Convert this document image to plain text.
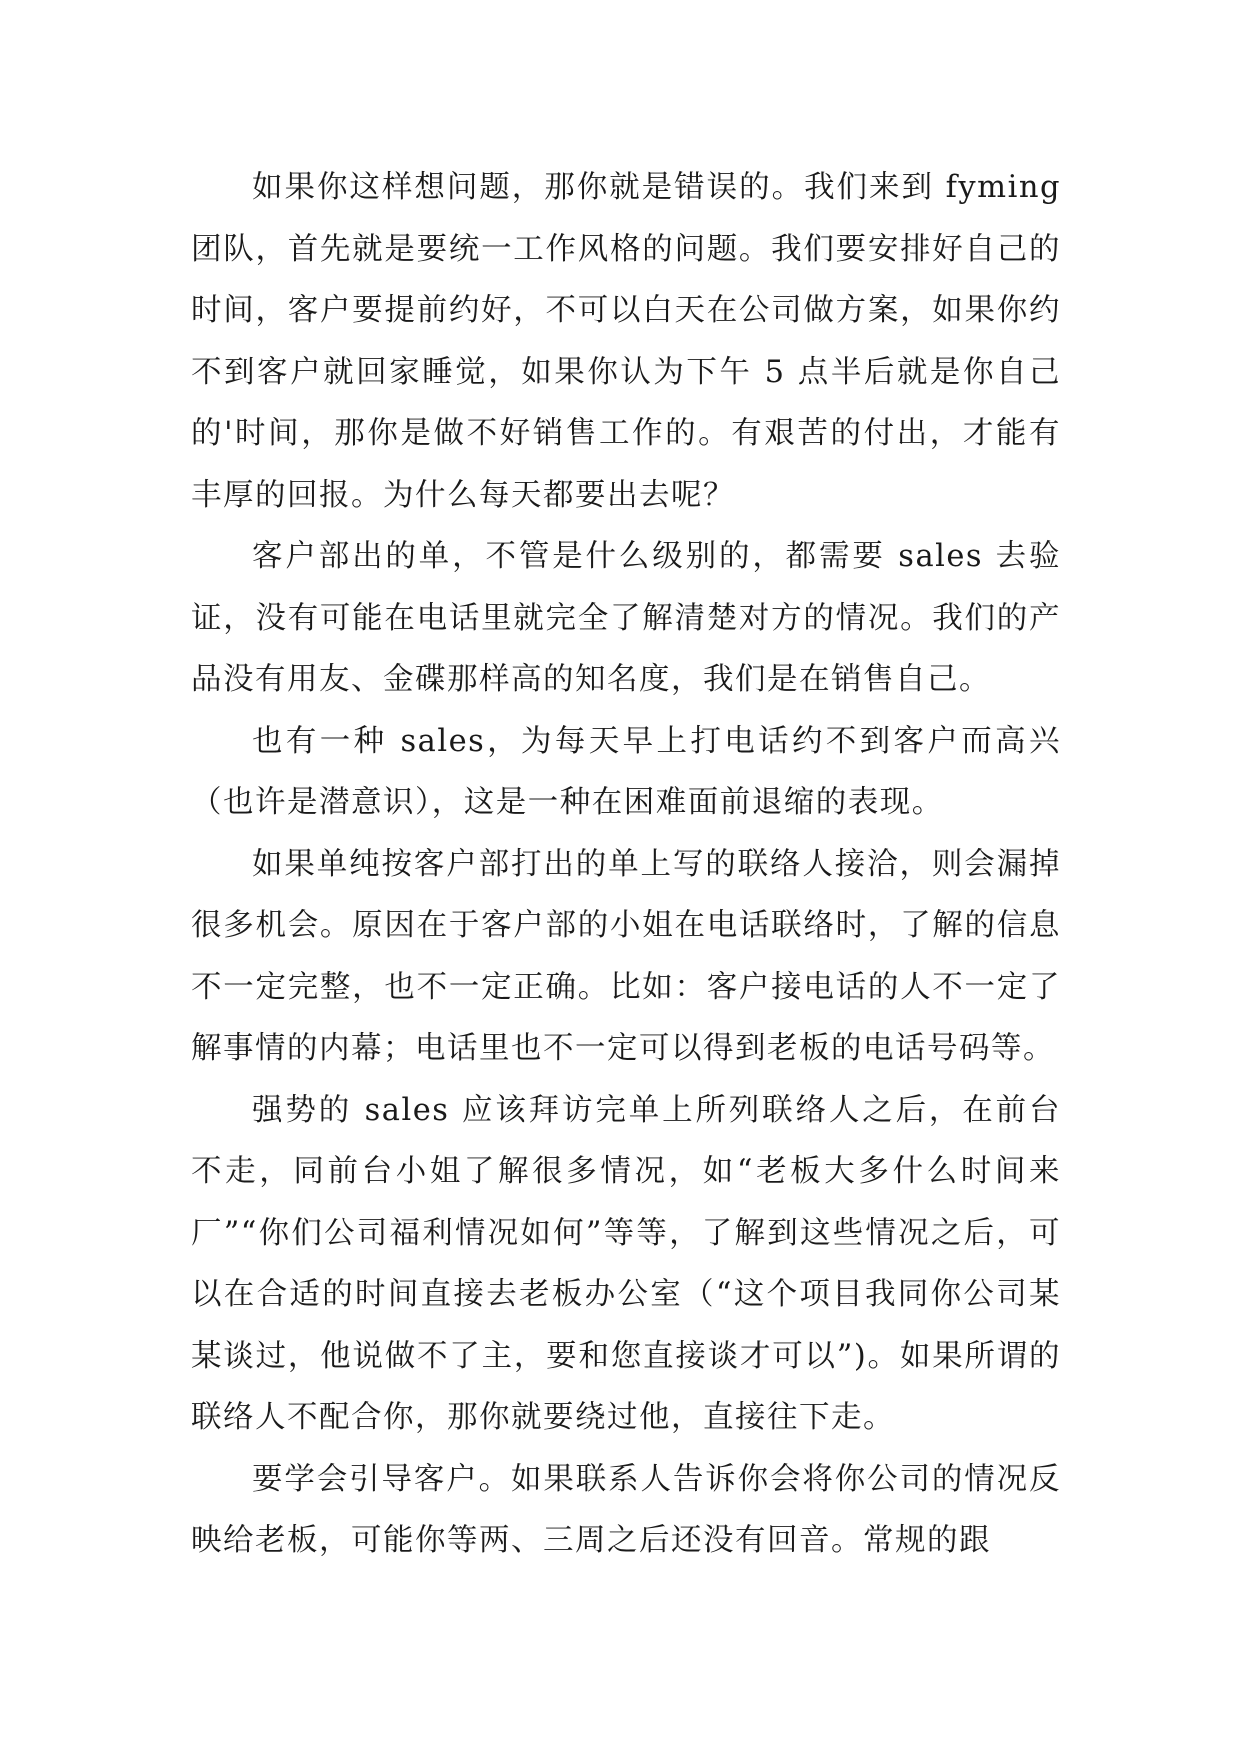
如果你这样想问题，那你就是错误的。我们来到 fyming 团队，首先就是要统一工作风格的问题。我们要安排好自己的时间，客户要提前约好，不可以白天在公司做方案，如果你约不到客户就回家睡觉，如果你认为下午 5 点半后就是你自己的'时间，那你是做不好销售工作的。有艰苦的付出，才能有丰厚的回报。为什么每天都要出去呢？

客户部出的单，不管是什么级别的，都需要 sales 去验证，没有可能在电话里就完全了解清楚对方的情况。我们的产品没有用友、金碟那样高的知名度，我们是在销售自己。

也有一种 sales，为每天早上打电话约不到客户而高兴（也许是潜意识），这是一种在困难面前退缩的表现。

如果单纯按客户部打出的单上写的联络人接洽，则会漏掉很多机会。原因在于客户部的小姐在电话联络时，了解的信息不一定完整，也不一定正确。比如：客户接电话的人不一定了解事情的内幕；电话里也不一定可以得到老板的电话号码等。

强势的 sales 应该拜访完单上所列联络人之后，在前台不走，同前台小姐了解很多情况，如“老板大多什么时间来厂”“你们公司福利情况如何”等等，了解到这些情况之后，可以在合适的时间直接去老板办公室（“这个项目我同你公司某某谈过，他说做不了主，要和您直接谈才可以”)。如果所谓的联络人不配合你，那你就要绕过他，直接往下走。

要学会引导客户。如果联系人告诉你会将你公司的情况反映给老板，可能你等两、三周之后还没有回音。常规的跟
